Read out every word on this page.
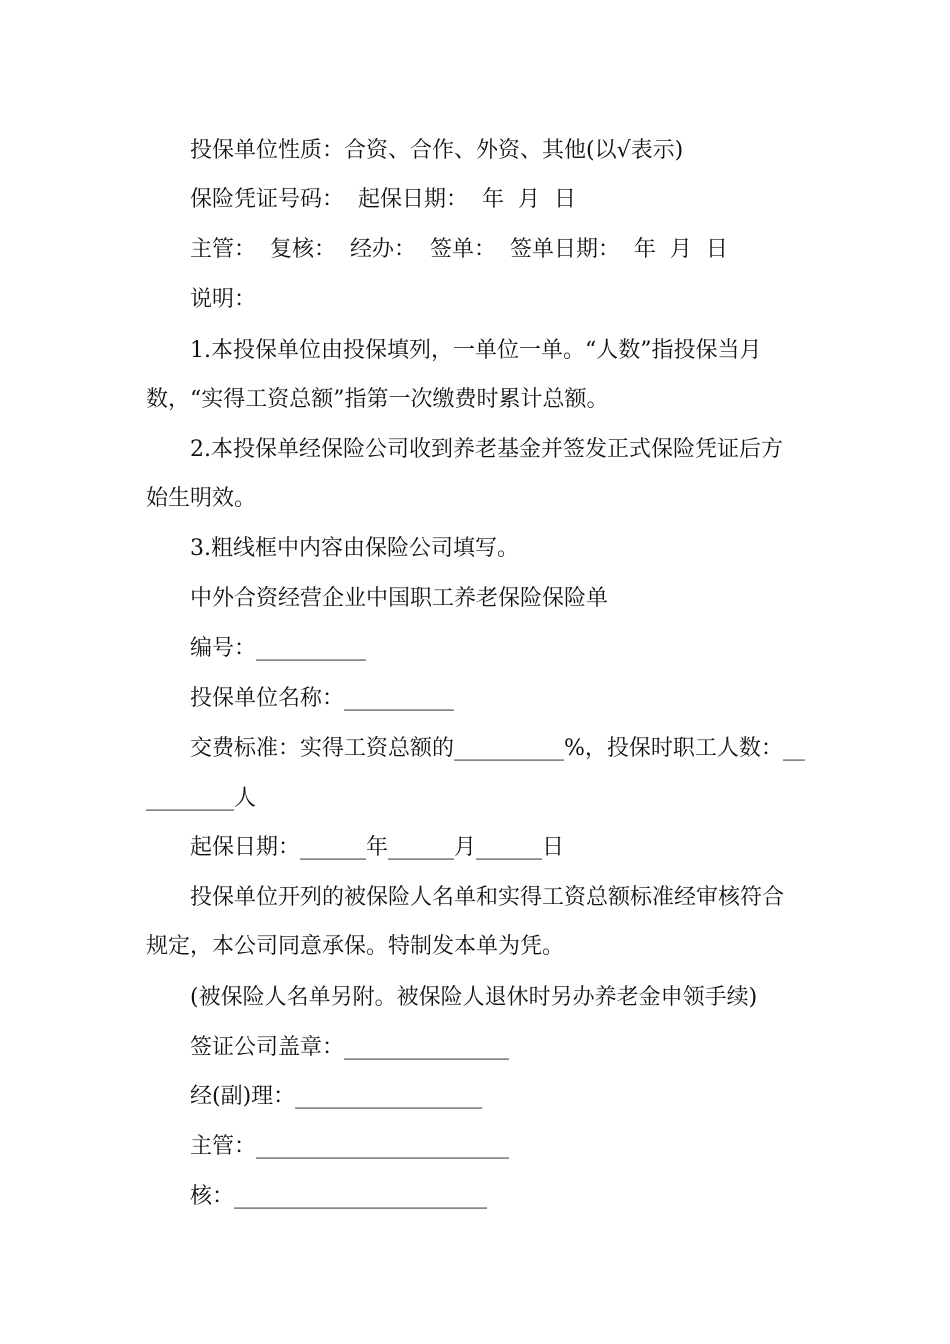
投保单位性质：合资、合作、外资、其他(以√表示)
保险凭证号码：  起保日期：  年  月  日
主管：  复核：  经办：  签单：  签单日期：  年  月  日
说明：
1.本投保单位由投保填列，一单位一单。“人数”指投保当月
数，“实得工资总额”指第一次缴费时累计总额。
2.本投保单经保险公司收到养老基金并签发正式保险凭证后方
始生明效。
3.粗线框中内容由保险公司填写。
中外合资经营企业中国职工养老保险保险单
编号：__________
投保单位名称：__________
交费标准：实得工资总额的__________%，投保时职工人数：__
________人
起保日期：______年______月______日
投保单位开列的被保险人名单和实得工资总额标准经审核符合
规定，本公司同意承保。特制发本单为凭。
(被保险人名单另附。被保险人退休时另办养老金申领手续)
签证公司盖章：_______________
经(副)理：_________________
主管：_______________________
核：_______________________
